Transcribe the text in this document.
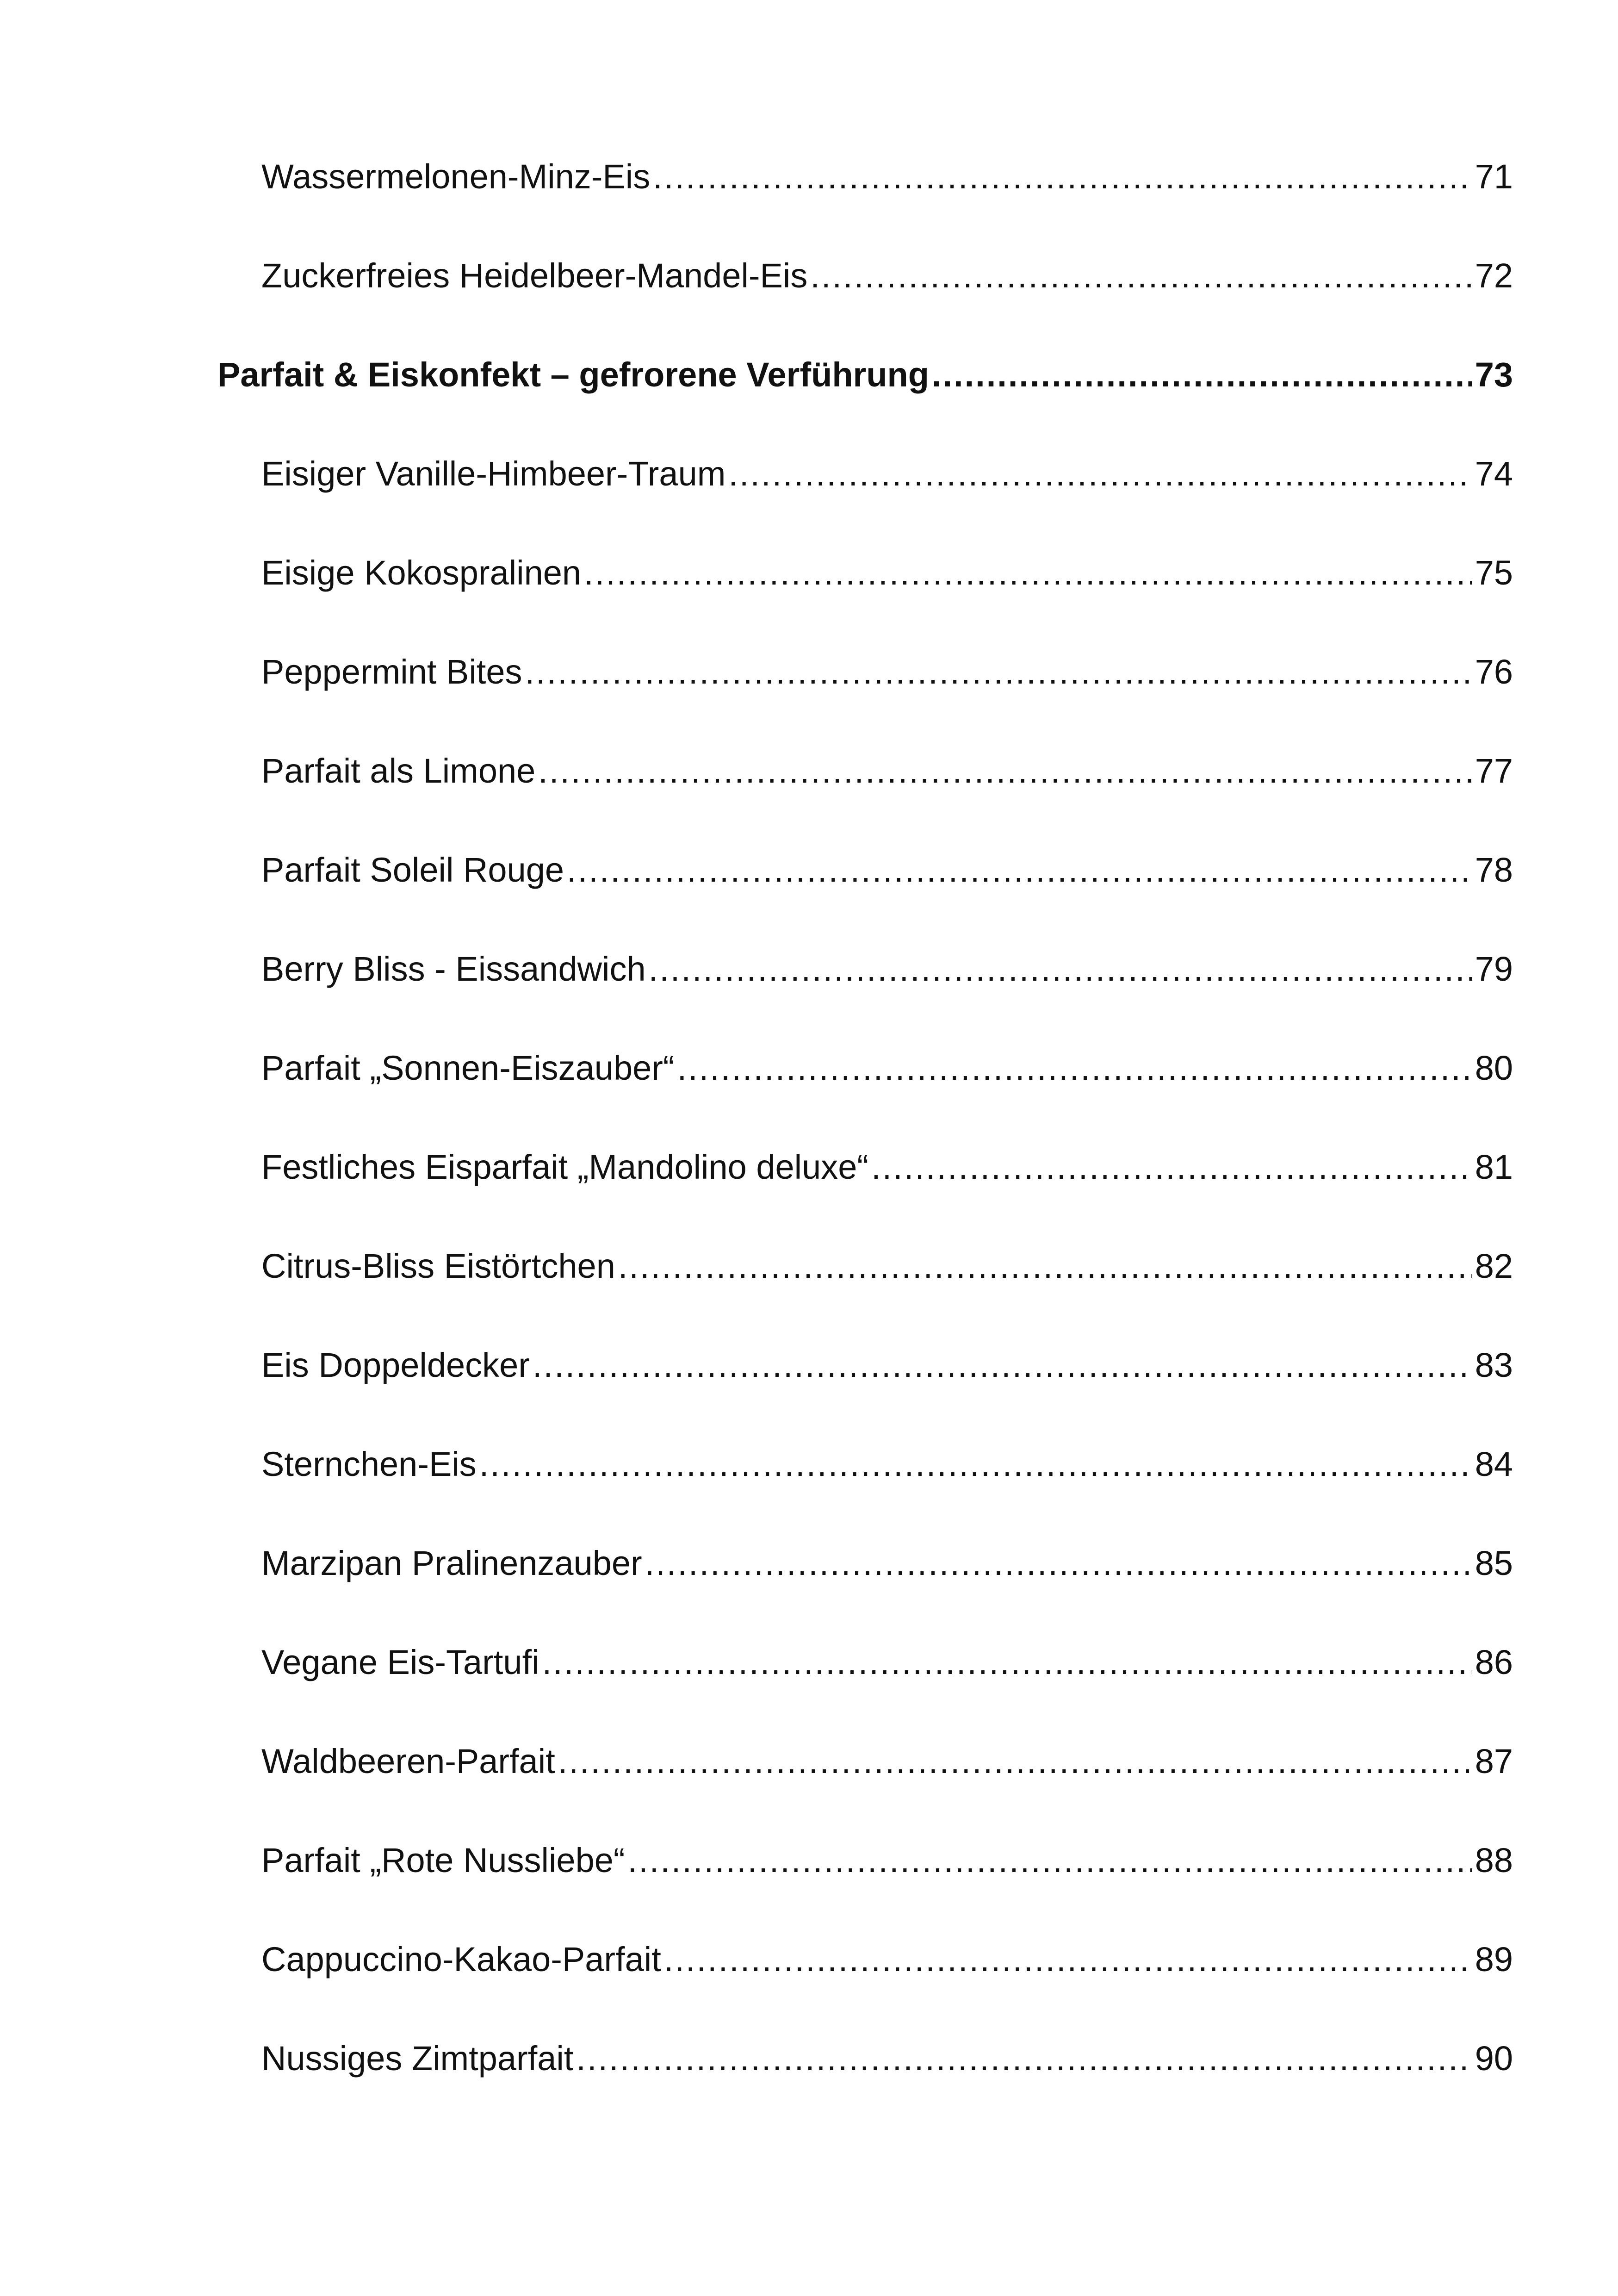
Wassermelonen-Minz-Eis .....	71
Zuckerfreies Heidelbeer-Mandel-Eis .....	72
Parfait & Eiskonfekt – gefrorene Verführung .....	73
Eisiger Vanille-Himbeer-Traum .....	74
Eisige Kokospralinen .....	75
Peppermint Bites .....	76
Parfait als Limone .....	77
Parfait Soleil Rouge .....	78
Berry Bliss - Eissandwich .....	79
Parfait „Sonnen-Eiszauber“ .....	80
Festliches Eisparfait „Mandolino deluxe“ .....	81
Citrus-Bliss Eistörtchen .....	82
Eis Doppeldecker .....	83
Sternchen-Eis .....	84
Marzipan Pralinenzauber .....	85
Vegane Eis-Tartufi .....	86
Waldbeeren-Parfait .....	87
Parfait „Rote Nussliebe“ .....	88
Cappuccino-Kakao-Parfait .....	89
Nussiges Zimtparfait .....	90
